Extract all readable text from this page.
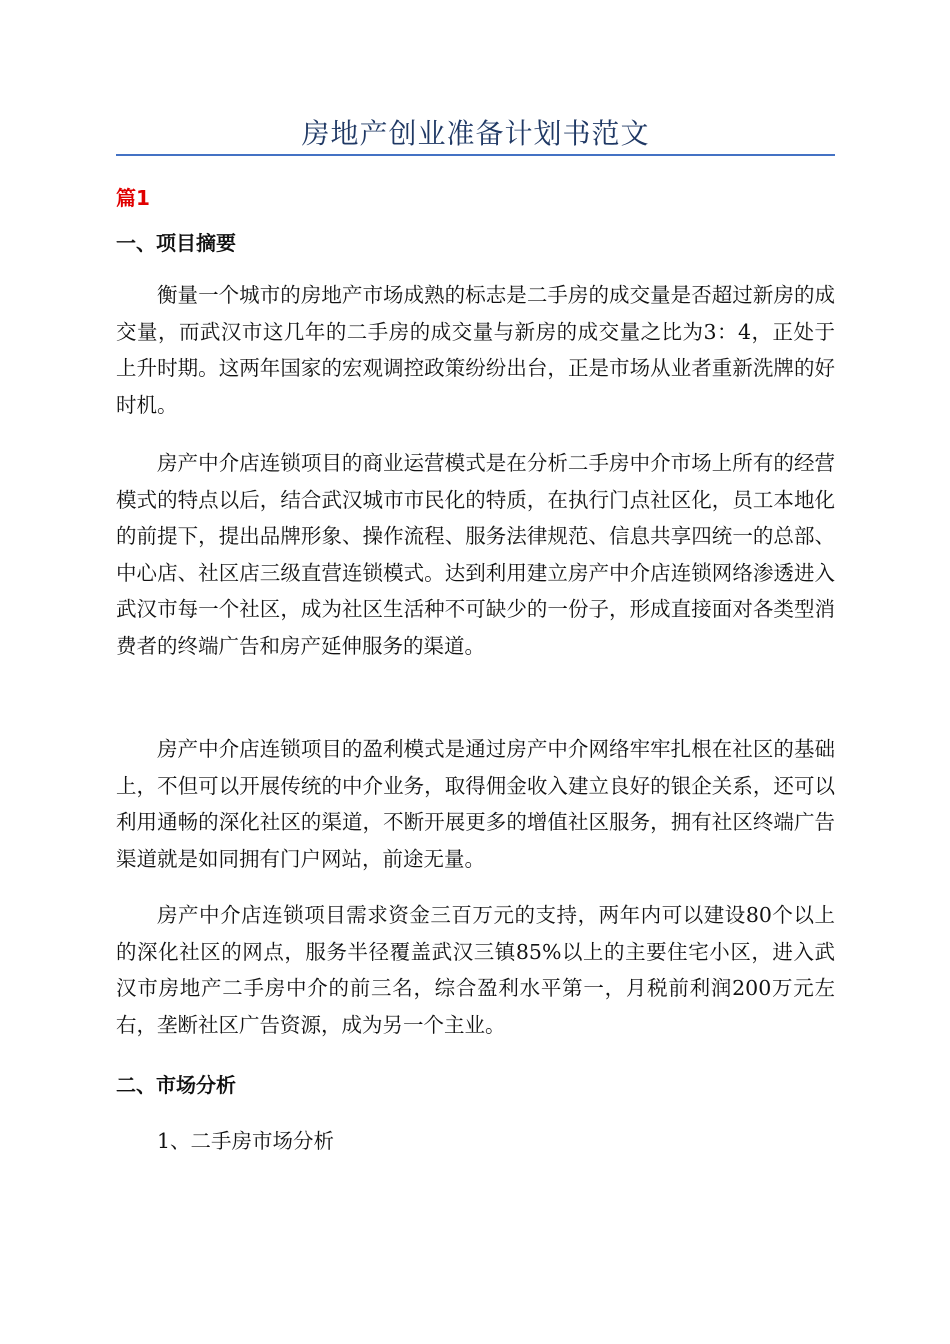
房地产创业准备计划书范文
篇1
一、项目摘要

衡量一个城市的房地产市场成熟的标志是二手房的成交量是否超过新房的成交量，而武汉市这几年的二手房的成交量与新房的成交量之比为3：4，正处于上升时期。这两年国家的宏观调控政策纷纷出台，正是市场从业者重新洗牌的好时机。

房产中介店连锁项目的商业运营模式是在分析二手房中介市场上所有的经营模式的特点以后，结合武汉城市市民化的特质，在执行门点社区化，员工本地化的前提下，提出品牌形象、操作流程、服务法律规范、信息共享四统一的总部、中心店、社区店三级直营连锁模式。达到利用建立房产中介店连锁网络渗透进入武汉市每一个社区，成为社区生活种不可缺少的一份子，形成直接面对各类型消费者的终端广告和房产延伸服务的渠道。

房产中介店连锁项目的盈利模式是通过房产中介网络牢牢扎根在社区的基础上，不但可以开展传统的中介业务，取得佣金收入建立良好的银企关系，还可以利用通畅的深化社区的渠道，不断开展更多的增值社区服务，拥有社区终端广告渠道就是如同拥有门户网站，前途无量。

房产中介店连锁项目需求资金三百万元的支持，两年内可以建设80个以上的深化社区的网点，服务半径覆盖武汉三镇85%以上的主要住宅小区，进入武汉市房地产二手房中介的前三名，综合盈利水平第一，月税前利润200万元左右，垄断社区广告资源，成为另一个主业。

二、市场分析

1、二手房市场分析
